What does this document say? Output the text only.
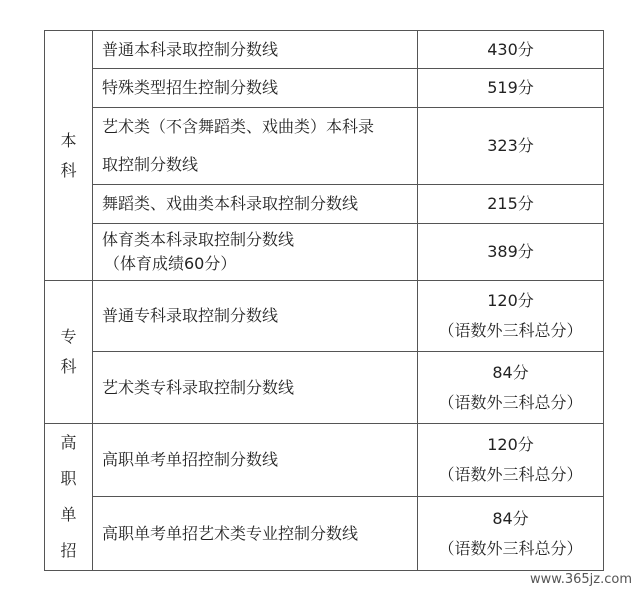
本
科	普通本科录取控制分数线	430分

	特殊类型招生控制分数线	519分

	艺术类（不含舞蹈类、戏曲类）本科录
取控制分数线	323分

	舞蹈类、戏曲类本科录取控制分数线	215分

	体育类本科录取控制分数线
（体育成绩60分）	389分

专
科	普通专科录取控制分数线	120分
（语数外三科总分）

	艺术类专科录取控制分数线	84分
（语数外三科总分）

高
职
单
招	高职单考单招控制分数线	120分
（语数外三科总分）

	高职单考单招艺术类专业控制分数线	84分
（语数外三科总分）
www.365jz.com
